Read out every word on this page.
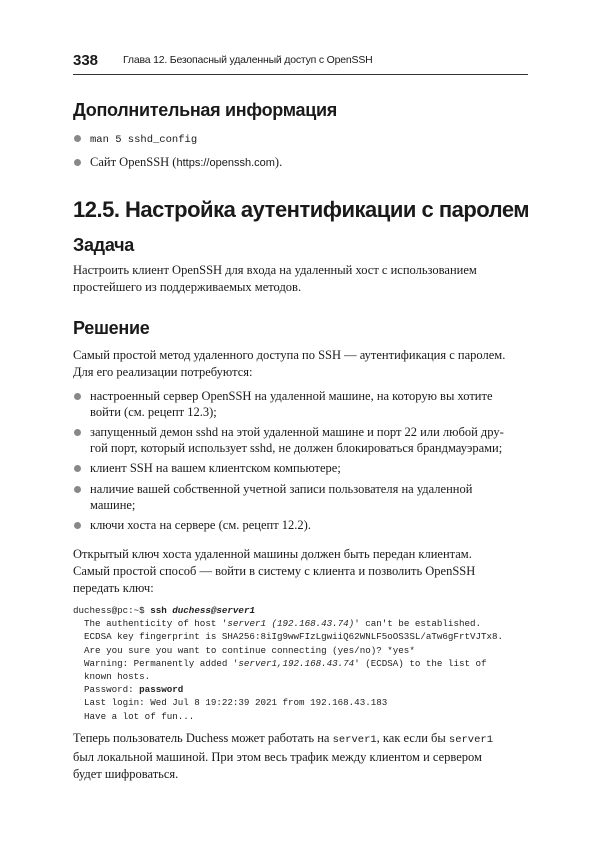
338 Глава 12. Безопасный удаленный доступ с OpenSSH
Дополнительная информация
man 5 sshd_config
Сайт OpenSSH (https://openssh.com).
12.5. Настройка аутентификации с паролем
Задача

Настроить клиент OpenSSH для входа на удаленный хост с использованием
простейшего из поддерживаемых методов.

Решение

Самый простой метод удаленного доступа по SSH — аутентификация с паролем.
Для его реализации потребуются:

настроенный сервер OpenSSH на удаленной машине, на которую вы хотите
войти (см. рецепт 12.3);
запущенный демон sshd на этой удаленной машине и порт 22 или любой дру-
гой порт, который использует sshd, не должен блокироваться брандмауэрами;
клиент SSH на вашем клиентском компьютере;
наличие вашей собственной учетной записи пользователя на удаленной
машине;
ключи хоста на сервере (см. рецепт 12.2).

Открытый ключ хоста удаленной машины должен быть передан клиентам.
Самый простой способ — войти в систему с клиента и позволить OpenSSH
передать ключ:

duchess@pc:~$ ssh duchess@server1
The authenticity of host 'server1 (192.168.43.74)' can't be established.
ECDSA key fingerprint is SHA256:8iIg9wwFIzLgwiiQ62WNLF5oOS3SL/aTw6gFrtVJTx8.
Are you sure you want to continue connecting (yes/no)? *yes*
Warning: Permanently added 'server1,192.168.43.74' (ECDSA) to the list of
known hosts.
Password: password
Last login: Wed Jul 8 19:22:39 2021 from 192.168.43.183
Have a lot of fun...

Теперь пользователь Duchess может работать на server1, как если бы server1
был локальной машиной. При этом весь трафик между клиентом и сервером
будет шифроваться.
